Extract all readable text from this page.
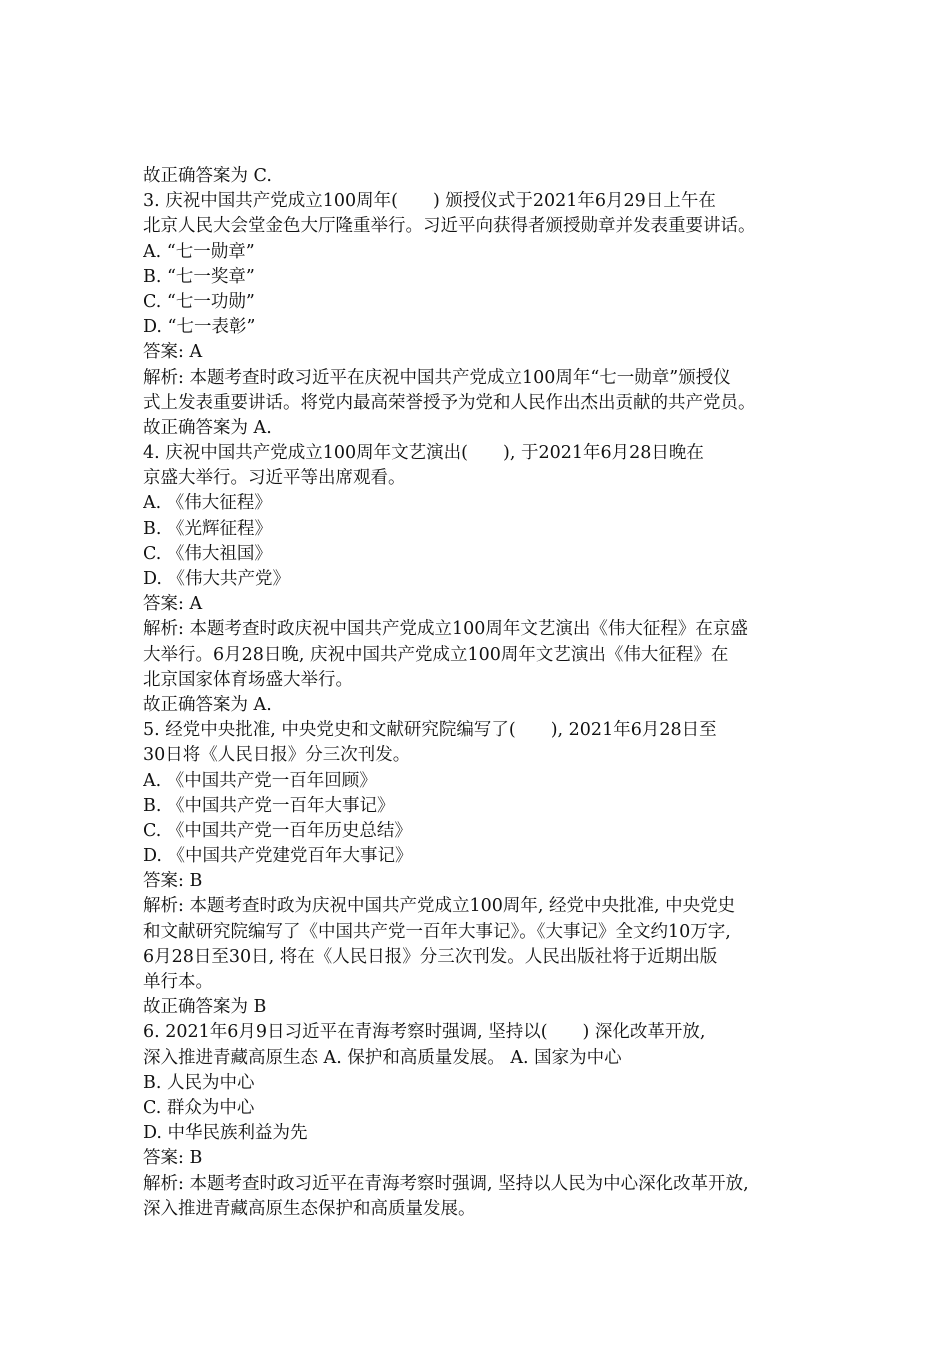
故正确答案为 C.
3. 庆祝中国共产党成立100周年(　　) 颁授仪式于2021年6月29日上午在
北京人民大会堂金色大厅隆重举行。习近平向获得者颁授勋章并发表重要讲话。
A. “七一勋章”
B. “七一奖章”
C. “七一功勋”
D. “七一表彰”
答案: A
解析: 本题考查时政习近平在庆祝中国共产党成立100周年“七一勋章”颁授仪
式上发表重要讲话。将党内最高荣誉授予为党和人民作出杰出贡献的共产党员。
故正确答案为 A.
4. 庆祝中国共产党成立100周年文艺演出(　　), 于2021年6月28日晚在
京盛大举行。习近平等出席观看。
A. 《伟大征程》
B. 《光辉征程》
C. 《伟大祖国》
D. 《伟大共产党》
答案: A
解析: 本题考查时政庆祝中国共产党成立100周年文艺演出《伟大征程》在京盛
大举行。6月28日晚, 庆祝中国共产党成立100周年文艺演出《伟大征程》在
北京国家体育场盛大举行。
故正确答案为 A.
5. 经党中央批准, 中央党史和文献研究院编写了(　　), 2021年6月28日至
30日将《人民日报》分三次刊发。
A. 《中国共产党一百年回顾》
B. 《中国共产党一百年大事记》
C. 《中国共产党一百年历史总结》
D. 《中国共产党建党百年大事记》
答案: B
解析: 本题考查时政为庆祝中国共产党成立100周年, 经党中央批准, 中央党史
和文献研究院编写了《中国共产党一百年大事记》。《大事记》全文约10万字,
6月28日至30日, 将在《人民日报》分三次刊发。人民出版社将于近期出版
单行本。
故正确答案为 B
6. 2021年6月9日习近平在青海考察时强调, 坚持以(　　) 深化改革开放,
深入推进青藏高原生态 A. 保护和高质量发展。 A. 国家为中心
B. 人民为中心
C. 群众为中心
D. 中华民族利益为先
答案: B
解析: 本题考查时政习近平在青海考察时强调, 坚持以人民为中心深化改革开放,
深入推进青藏高原生态保护和高质量发展。
